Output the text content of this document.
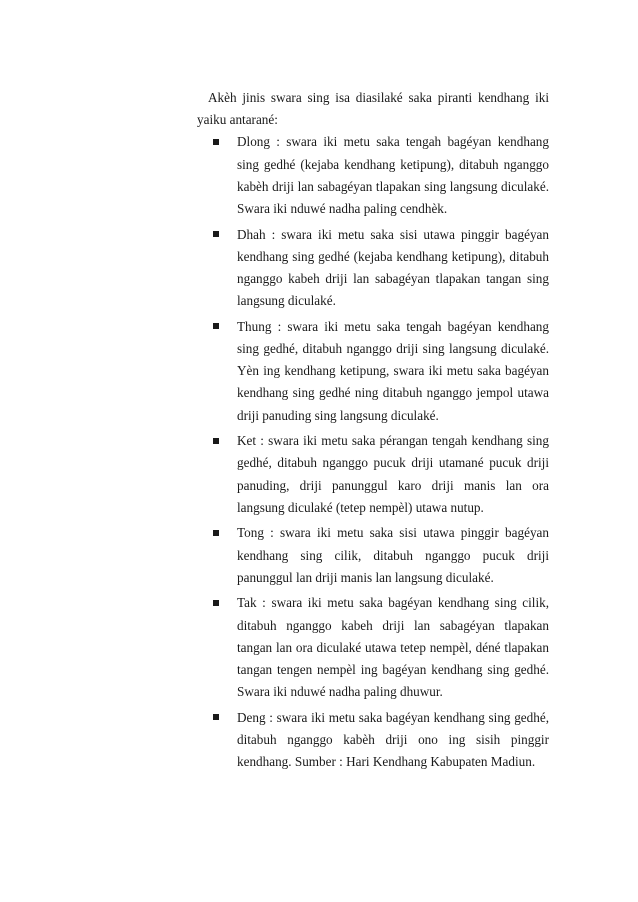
Akèh jinis swara sing isa diasilaké saka piranti kendhang iki yaiku antarané:

Dlong : swara iki metu saka tengah bagéyan kendhang sing gedhé (kejaba kendhang ketipung), ditabuh nganggo kabèh driji lan sabagéyan tlapakan sing langsung diculaké. Swara iki nduwé nadha paling cendhèk.
Dhah : swara iki metu saka sisi utawa pinggir bagéyan kendhang sing gedhé (kejaba kendhang ketipung), ditabuh nganggo kabeh driji lan sabagéyan tlapakan tangan sing langsung diculaké.
Thung : swara iki metu saka tengah bagéyan kendhang sing gedhé, ditabuh nganggo driji sing langsung diculaké. Yèn ing kendhang ketipung, swara iki metu saka bagéyan kendhang sing gedhé ning ditabuh nganggo jempol utawa driji panuding sing langsung diculaké.
Ket : swara iki metu saka pérangan tengah kendhang sing gedhé, ditabuh nganggo pucuk driji utamané pucuk driji panuding, driji panunggul karo driji manis lan ora langsung diculaké (tetep nempèl) utawa nutup.
Tong : swara iki metu saka sisi utawa pinggir bagéyan kendhang sing cilik, ditabuh nganggo pucuk driji panunggul lan driji manis lan langsung diculaké.
Tak : swara iki metu saka bagéyan kendhang sing cilik, ditabuh nganggo kabeh driji lan sabagéyan tlapakan tangan lan ora diculaké utawa tetep nempèl, déné tlapakan tangan tengen nempèl ing bagéyan kendhang sing gedhé. Swara iki nduwé nadha paling dhuwur.
Deng : swara iki metu saka bagéyan kendhang sing gedhé, ditabuh nganggo kabèh driji ono ing sisih pinggir kendhang. Sumber : Hari Kendhang Kabupaten Madiun.
